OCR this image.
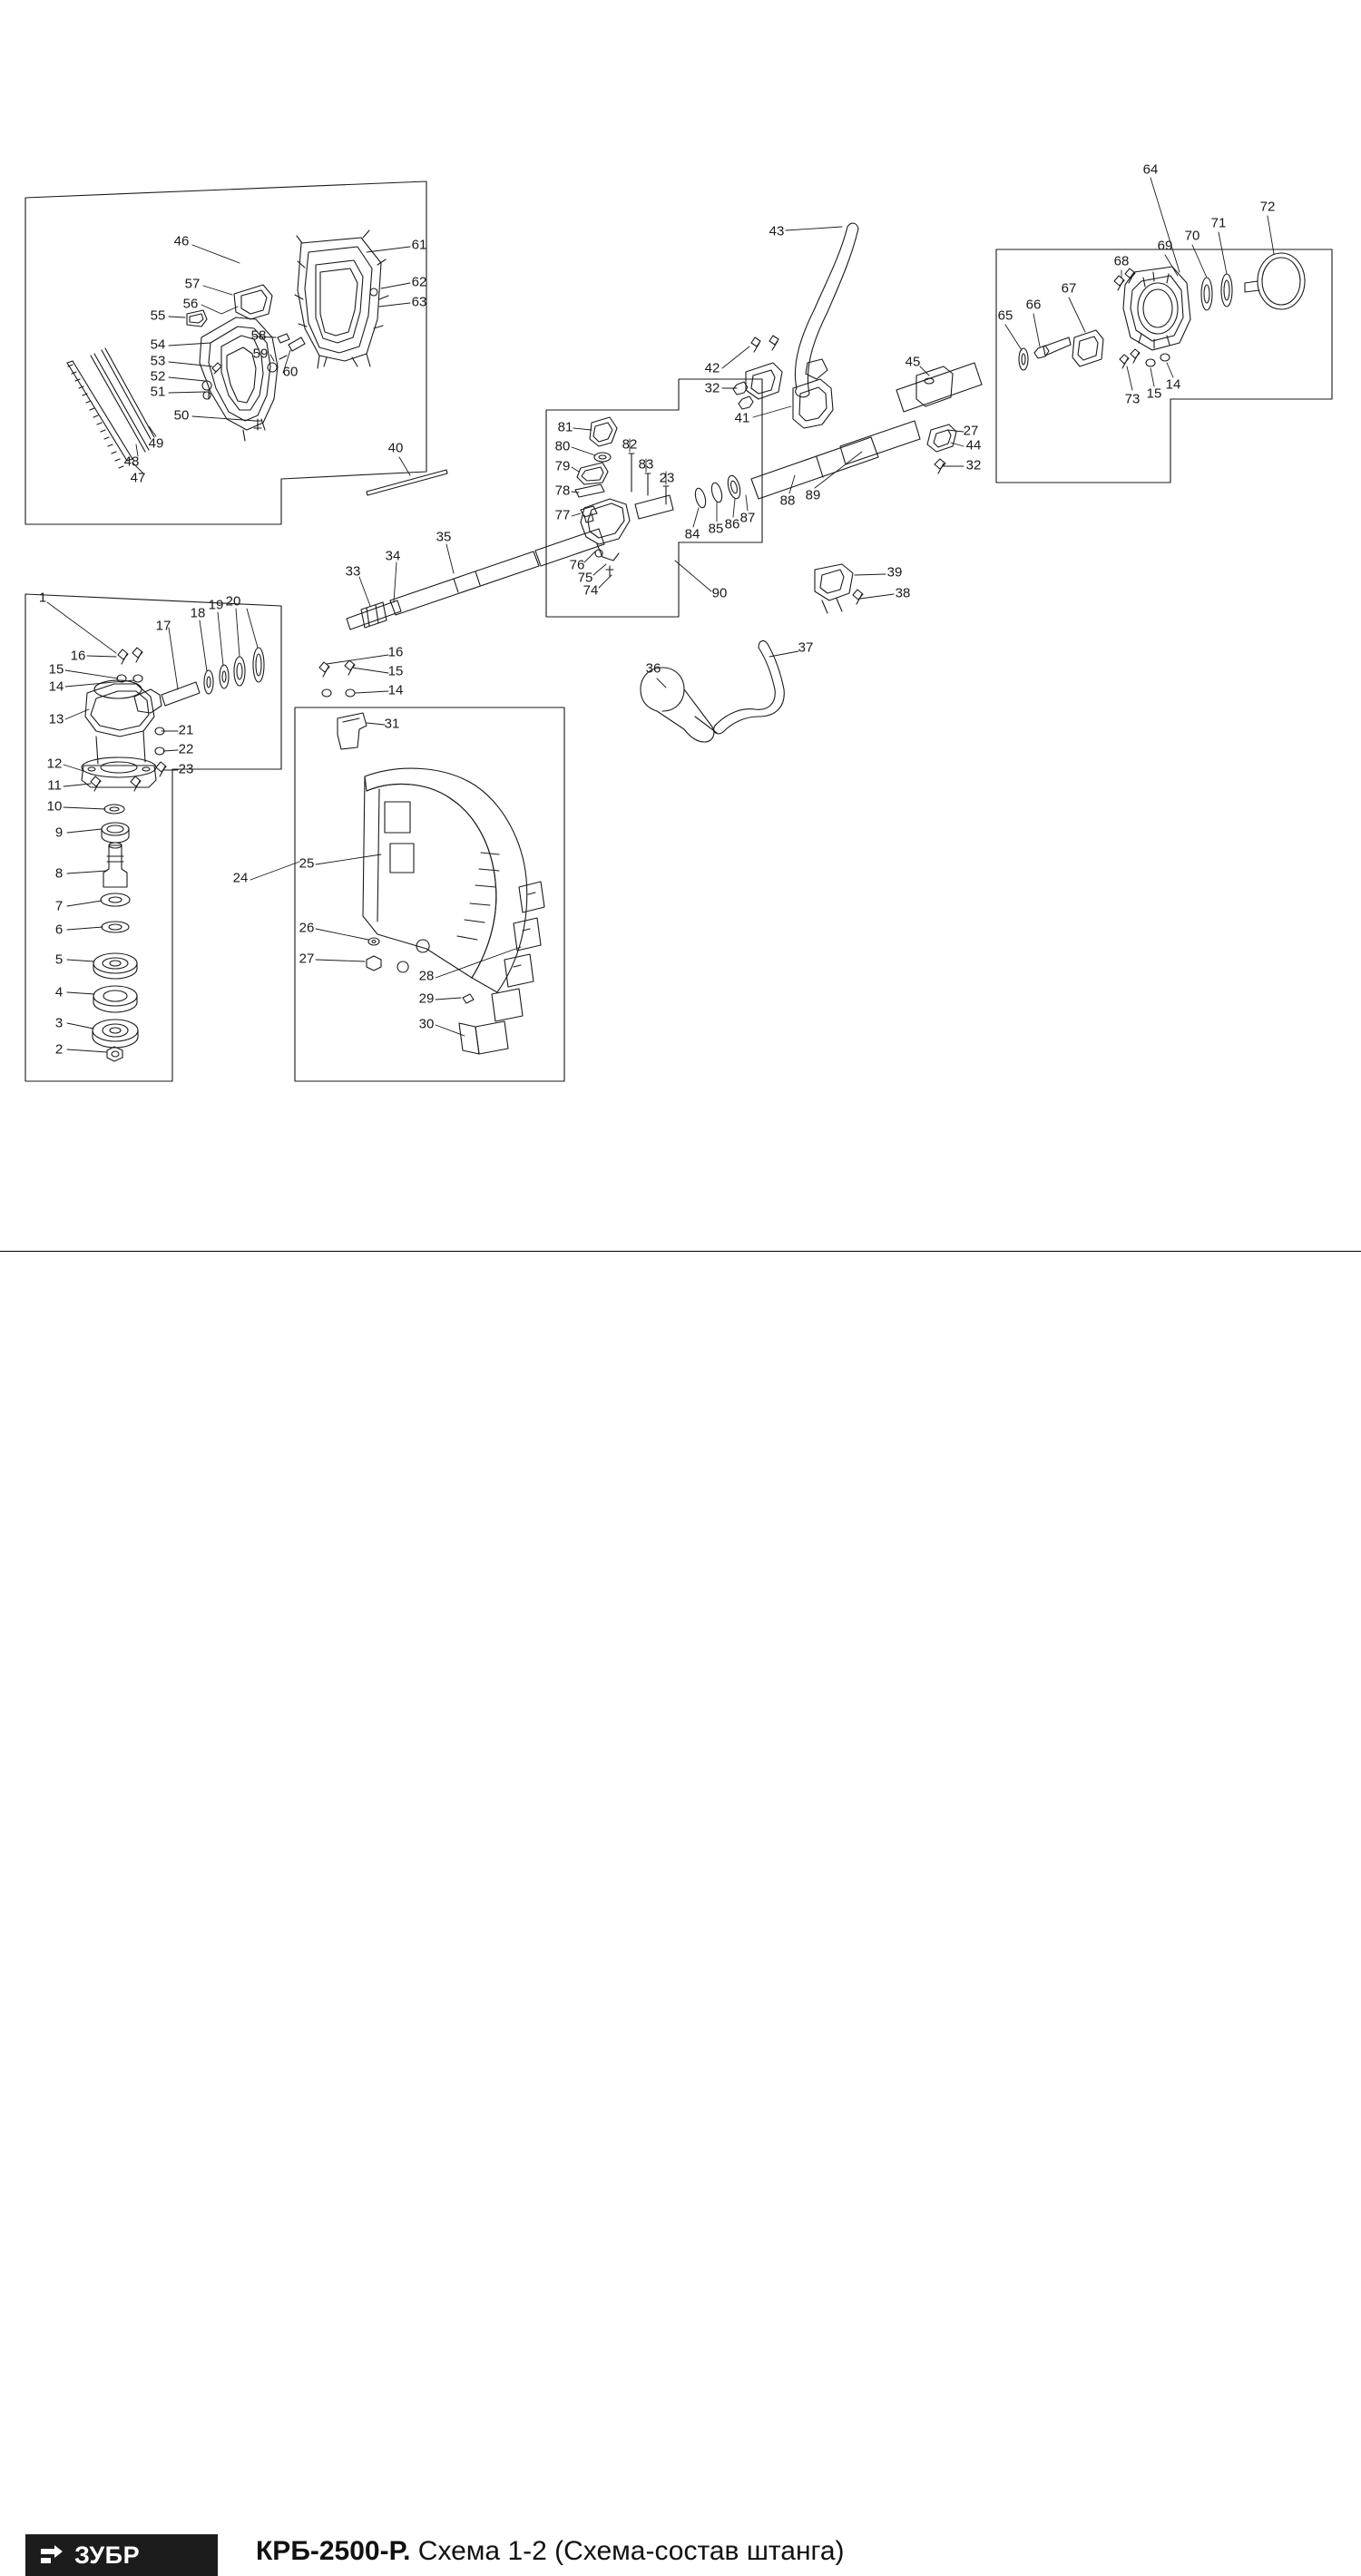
46	61
57	62
56	63
55
58
54
59
53
60
52
51
50
49
48
47
40
43
42
32
41
45
27
44
32
64
72
71
70
69
68
67
66
65
73 15
14
81
80	82
79	83
23
78
77
84 85 86 87
88 89
76
75
74	90
39
38
35
34
33
16
15
14
31
1
17
18
19 20
16
15
14
13
21
22
23
12
11
10
9
8
7
6
5
4
3
2
24
25
26
27
28
29
30
36
37
ЗУБР	КРБ-2500-Р. Схема 1-2 (Схема-состав штанга)
